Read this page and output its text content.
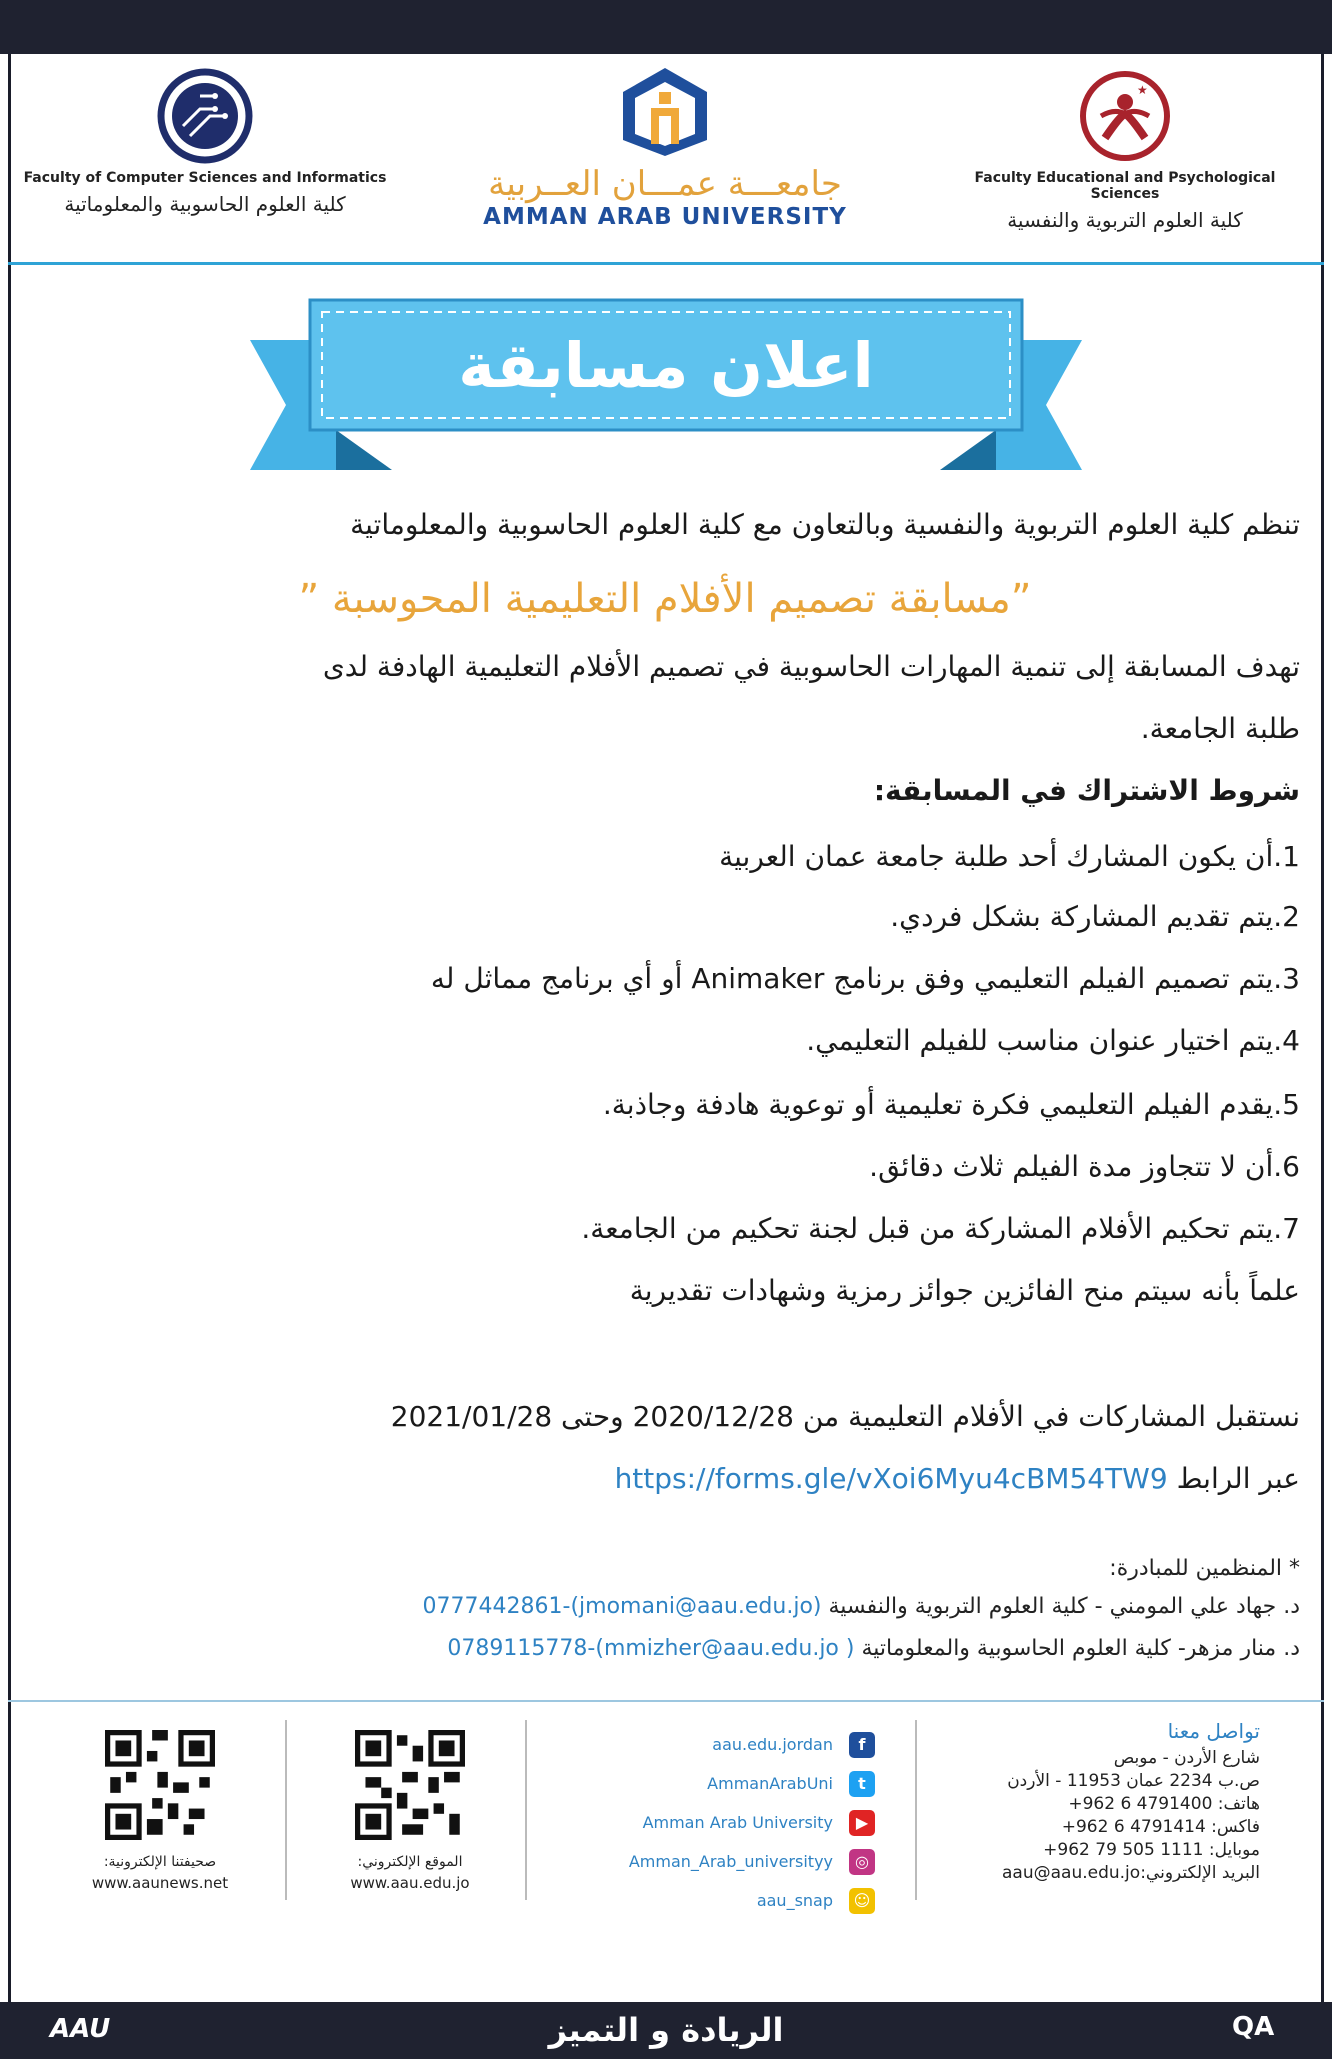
Faculty of Computer Sciences and Informatics
كلية العلوم الحاسوبية والمعلوماتية	جامعـــة عمـــان العــربية
AMMAN ARAB UNIVERSITY
★
Faculty Educational and Psychological Sciences
كلية العلوم التربوية والنفسية
اعلان مسابقة
تنظم كلية العلوم التربوية والنفسية وبالتعاون مع كلية العلوم الحاسوبية والمعلوماتية
”مسابقة تصميم الأفلام التعليمية المحوسبة ”
تهدف المسابقة إلى تنمية المهارات الحاسوبية في تصميم الأفلام التعليمية الهادفة لدى
طلبة الجامعة.
شروط الاشتراك في المسابقة:
1.أن يكون المشارك أحد طلبة جامعة عمان العربية
2.يتم تقديم المشاركة بشكل فردي.
3.يتم تصميم الفيلم التعليمي وفق برنامج Animaker أو أي برنامج مماثل له
4.يتم اختيار عنوان مناسب للفيلم التعليمي.
5.يقدم الفيلم التعليمي فكرة تعليمية أو توعوية هادفة وجاذبة.
6.أن لا تتجاوز مدة الفيلم ثلاث دقائق.
7.يتم تحكيم الأفلام المشاركة من قبل لجنة تحكيم من الجامعة.
علماً بأنه سيتم منح الفائزين جوائز رمزية وشهادات تقديرية
نستقبل المشاركات في الأفلام التعليمية من 2020/12/28 وحتى 2021/01/28
عبر الرابط https://forms.gle/vXoi6Myu4cBM54TW9
* المنظمين للمبادرة:
د. جهاد علي المومني - كلية العلوم التربوية والنفسية (jmomani@aau.edu.jo)-0777442861
د. منار مزهر- كلية العلوم الحاسوبية والمعلوماتية ( mmizher@aau.edu.jo)-0789115778
تواصل معنا
شارع الأردن - موبص
ص.ب 2234 عمان 11953 - الأردن
هاتف: 4791400 6 962+
فاكس: 4791414 6 962+
موبايل: 1111 505 79 962+
البريد الإلكتروني:aau@aau.edu.jo
aau.edu.jordan	f
AmmanArabUni	t
Amman Arab University	▶
Amman_Arab_universityy	◎
aau_snap ☺
الموقع الإلكتروني:
www.aau.edu.jo
صحيفتنا الإلكترونية:
www.aaunews.net
AAU	الريادة و التميز	QA
